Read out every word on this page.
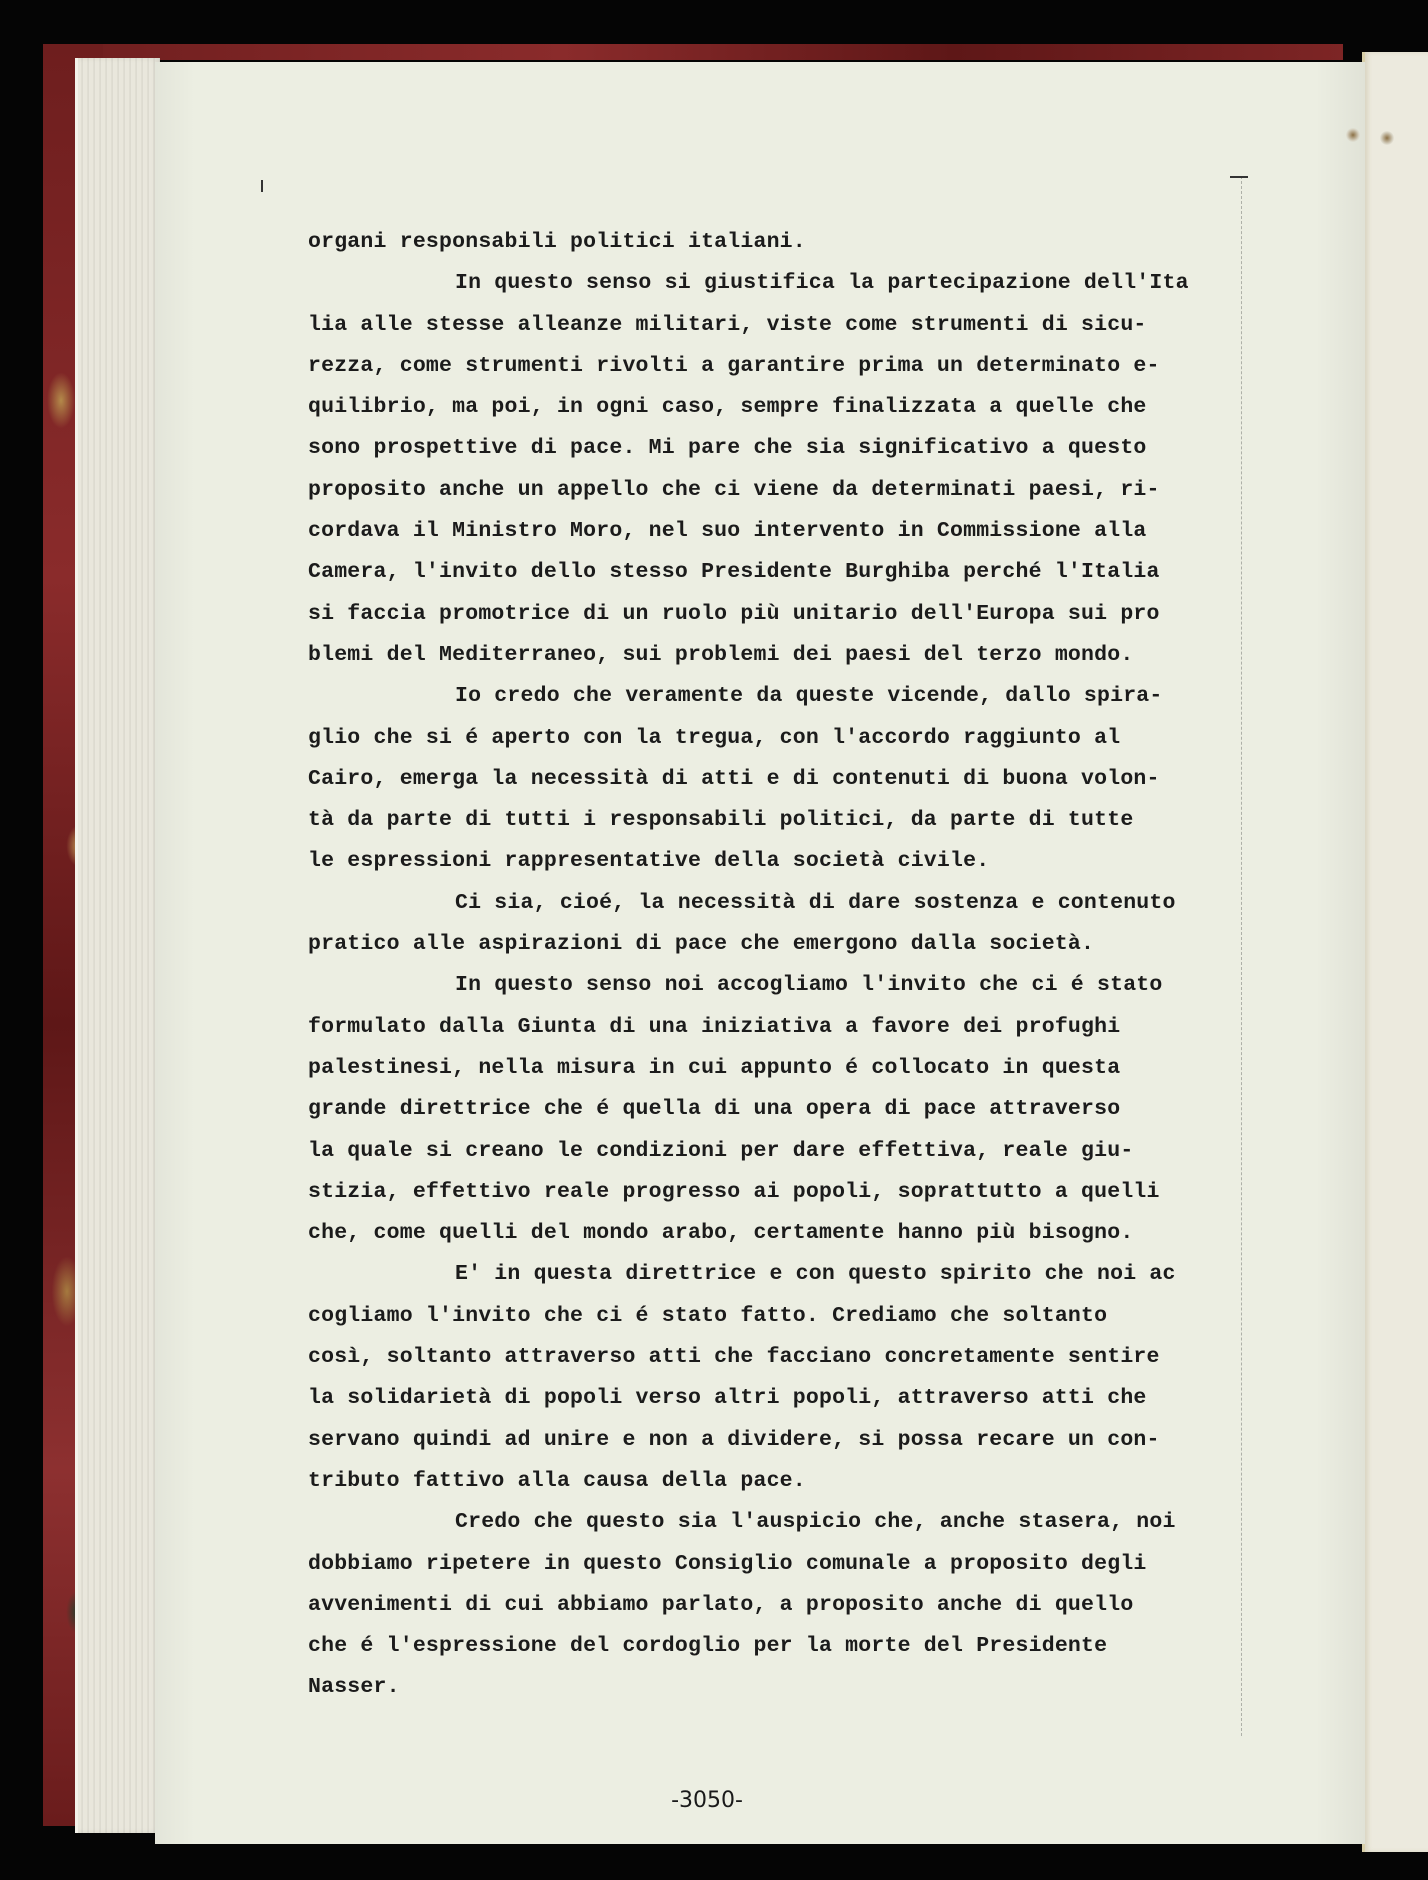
organi responsabili politici italiani.
In questo senso si giustifica la partecipazione dell'Ita
lia alle stesse alleanze militari, viste come strumenti di sicu-
rezza, come strumenti rivolti a garantire prima un determinato e-
quilibrio, ma poi, in ogni caso, sempre finalizzata a quelle che
sono prospettive di pace. Mi pare che sia significativo a questo
proposito anche un appello che ci viene da determinati paesi, ri-
cordava il Ministro Moro, nel suo intervento in Commissione alla
Camera, l'invito dello stesso Presidente Burghiba perché l'Italia
si faccia promotrice di un ruolo più unitario dell'Europa sui pro
blemi del Mediterraneo, sui problemi dei paesi del terzo mondo.
Io credo che veramente da queste vicende, dallo spira-
glio che si é aperto con la tregua, con l'accordo raggiunto al
Cairo, emerga la necessità di atti e di contenuti di buona volon-
tà da parte di tutti i responsabili politici, da parte di tutte
le espressioni rappresentative della società civile.
Ci sia, cioé, la necessità di dare sostenza e contenuto
pratico alle aspirazioni di pace che emergono dalla società.
In questo senso noi accogliamo l'invito che ci é stato
formulato dalla Giunta di una iniziativa a favore dei profughi
palestinesi, nella misura in cui appunto é collocato in questa
grande direttrice che é quella di una opera di pace attraverso
la quale si creano le condizioni per dare effettiva, reale giu-
stizia, effettivo reale progresso ai popoli, soprattutto a quelli
che, come quelli del mondo arabo, certamente hanno più bisogno.
E' in questa direttrice e con questo spirito che noi ac
cogliamo l'invito che ci é stato fatto. Crediamo che soltanto
così, soltanto attraverso atti che facciano concretamente sentire
la solidarietà di popoli verso altri popoli, attraverso atti che
servano quindi ad unire e non a dividere, si possa recare un con-
tributo fattivo alla causa della pace.
Credo che questo sia l'auspicio che, anche stasera, noi
dobbiamo ripetere in questo Consiglio comunale a proposito degli
avvenimenti di cui abbiamo parlato, a proposito anche di quello
che é l'espressione del cordoglio per la morte del Presidente
Nasser.
-3050-
